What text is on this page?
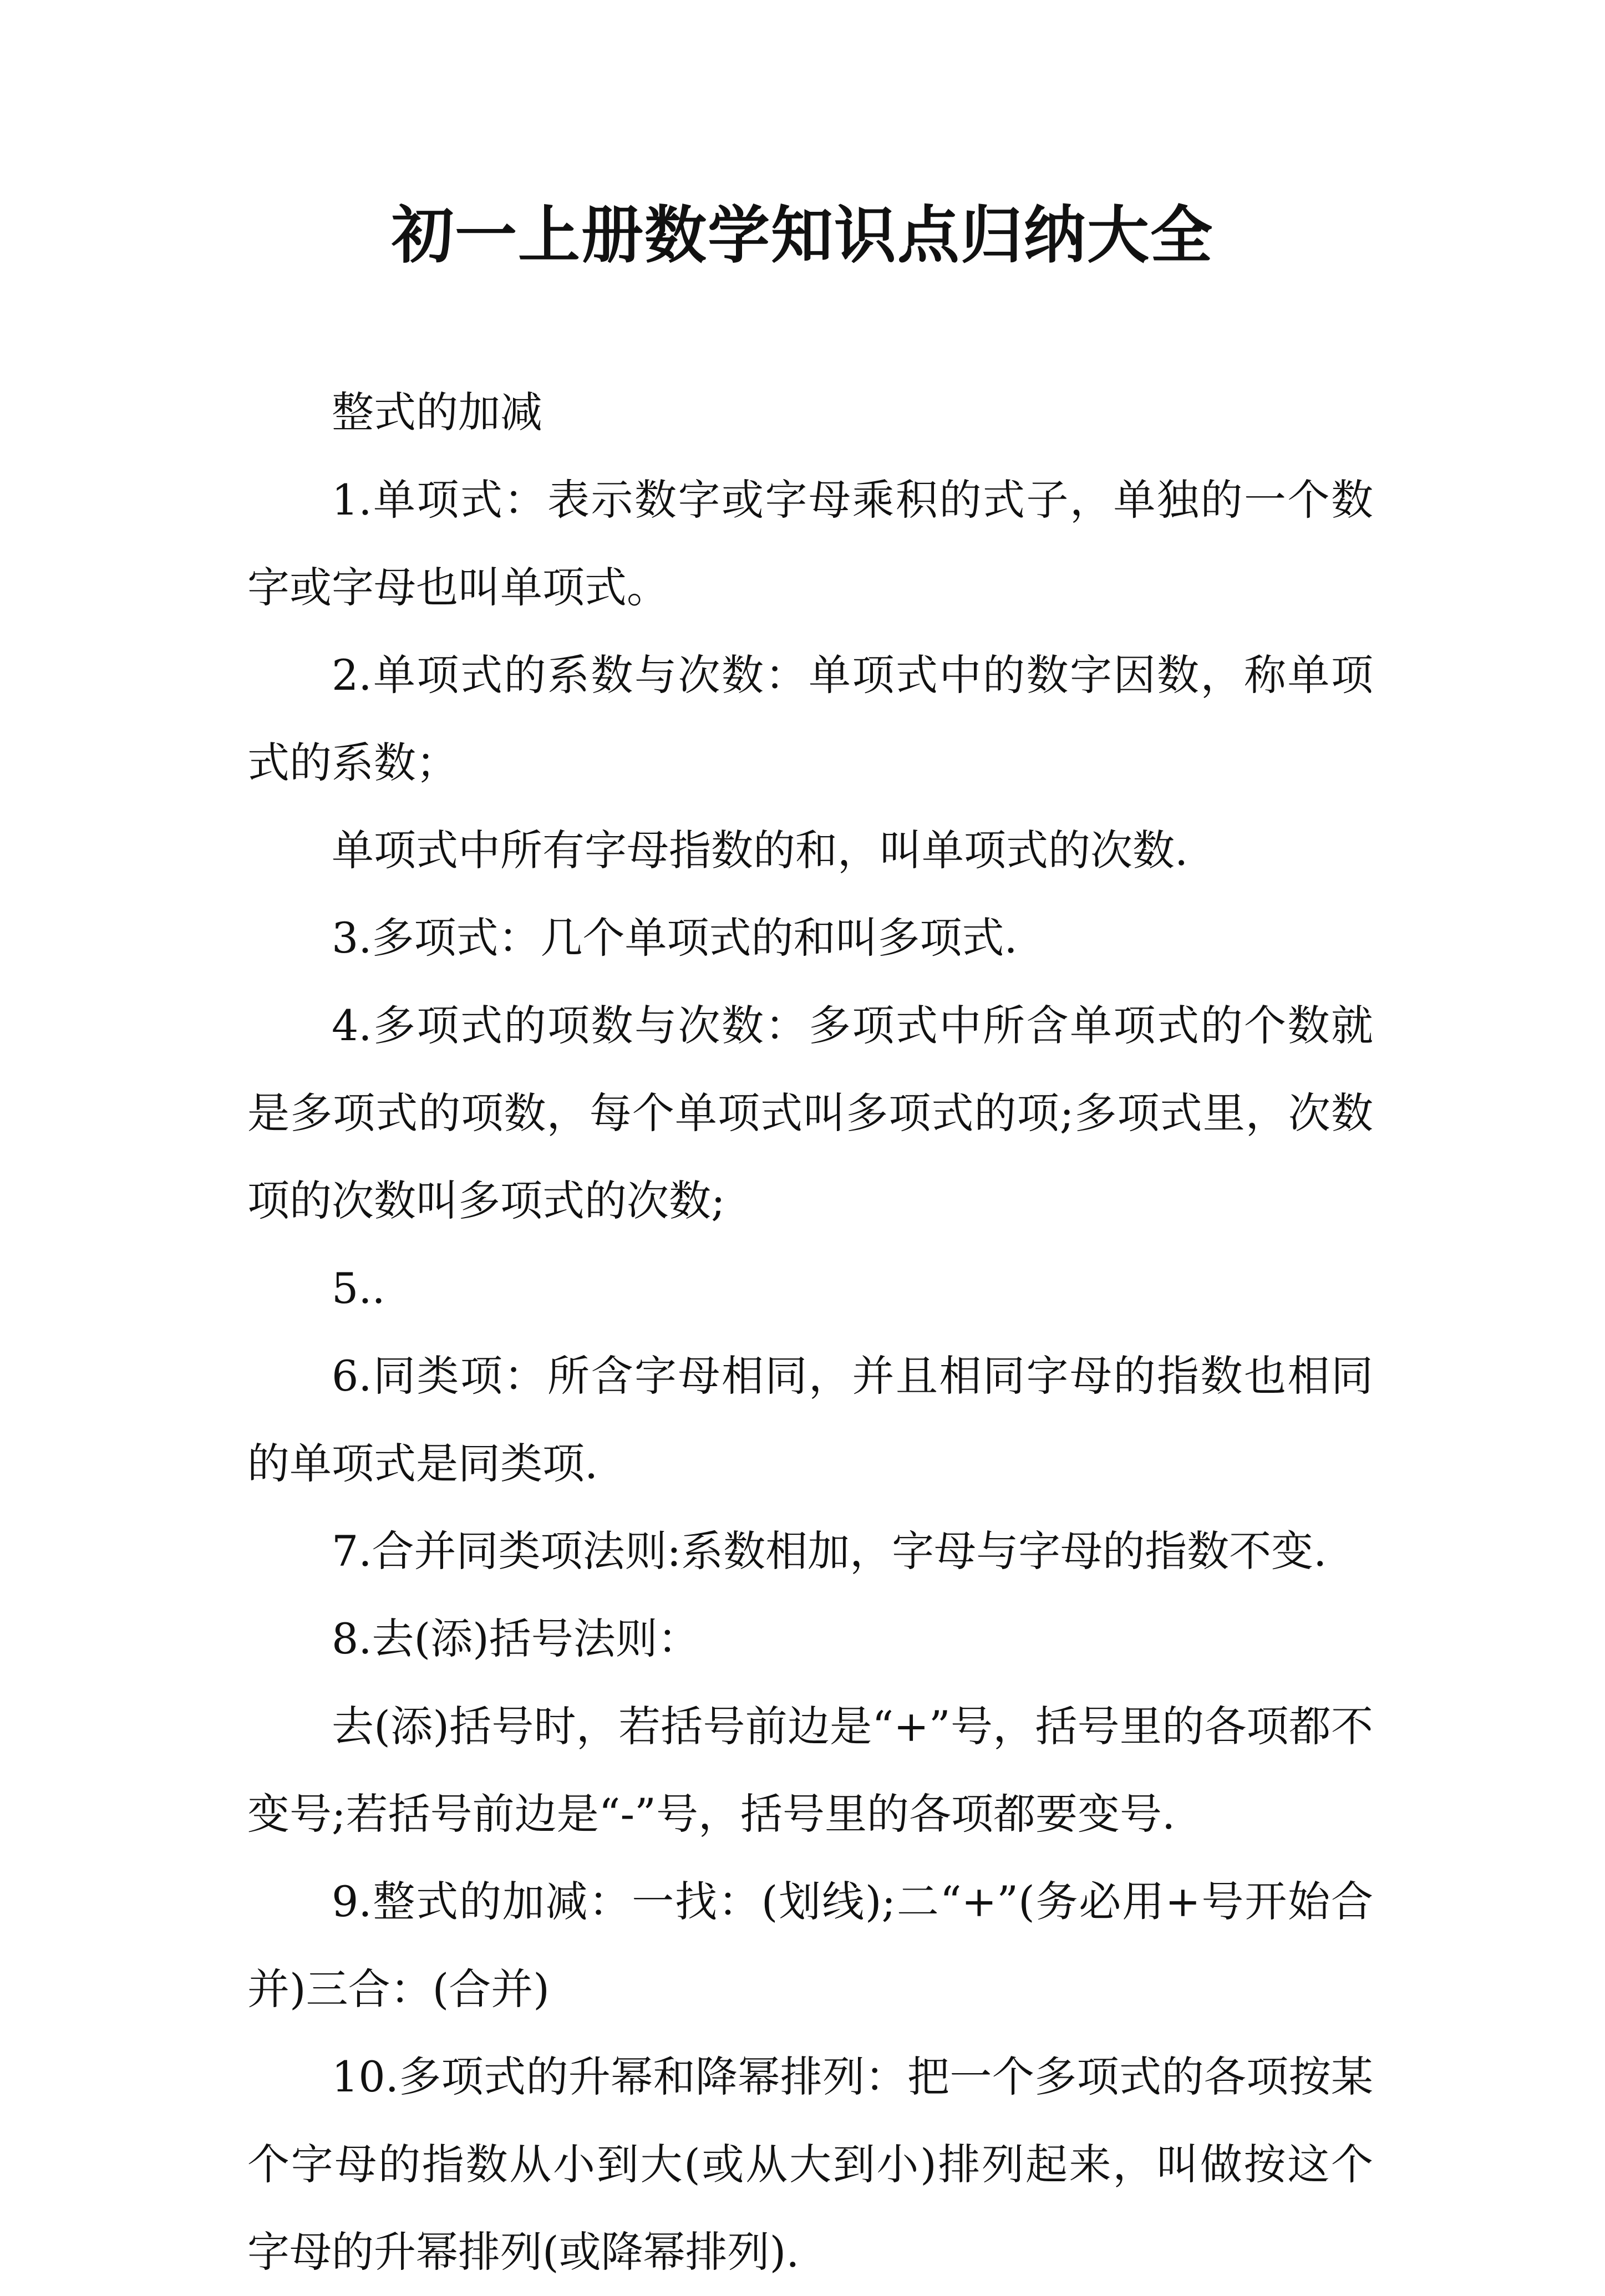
初一上册数学知识点归纳大全

整式的加减

1.单项式：表示数字或字母乘积的式子，单独的一个数字或字母也叫单项式。

2.单项式的系数与次数：单项式中的数字因数，称单项式的系数；

单项式中所有字母指数的和，叫单项式的次数.

3.多项式：几个单项式的和叫多项式.

4.多项式的项数与次数：多项式中所含单项式的个数就是多项式的项数，每个单项式叫多项式的项;多项式里，次数项的次数叫多项式的次数;

5..

6.同类项：所含字母相同，并且相同字母的指数也相同的单项式是同类项.

7.合并同类项法则:系数相加，字母与字母的指数不变.

8.去(添)括号法则：

去(添)括号时，若括号前边是“+”号，括号里的各项都不变号;若括号前边是“-”号，括号里的各项都要变号.

9.整式的加减：一找：(划线);二“+”(务必用+号开始合并)三合：(合并)

10.多项式的升幂和降幂排列：把一个多项式的各项按某个字母的指数从小到大(或从大到小)排列起来，叫做按这个字母的升幂排列(或降幂排列).
